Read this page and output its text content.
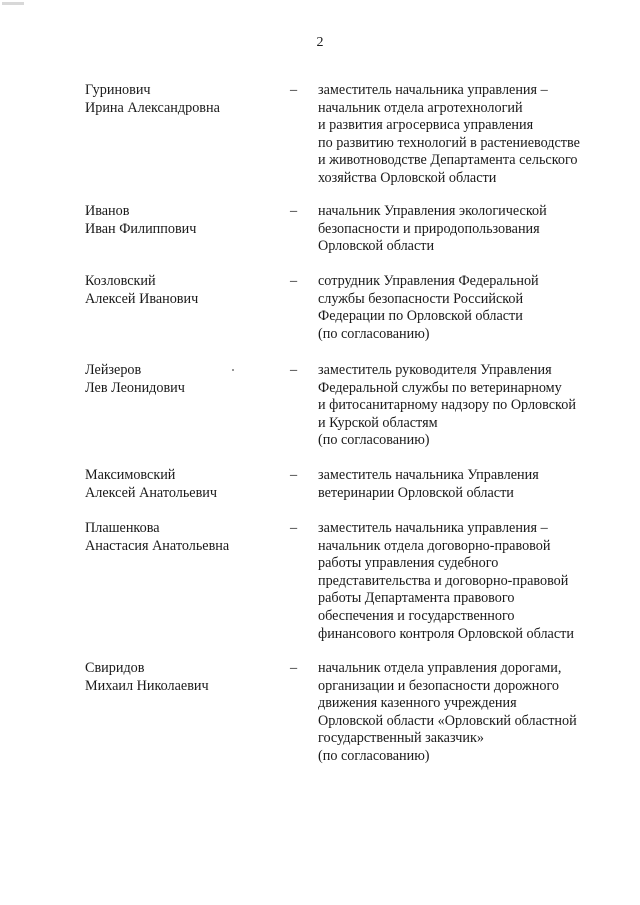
2
Гуринович
Ирина Александровна
–	заместитель начальника управления –
начальник отдела агротехнологий
и развития агросервиса управления
по развитию технологий в растениеводстве
и животноводстве Департамента сельского
хозяйства Орловской области
Иванов
Иван Филиппович
–	начальник Управления экологической
безопасности и природопользования
Орловской области
Козловский
Алексей Иванович
–	сотрудник Управления Федеральной
службы безопасности Российской
Федерации по Орловской области
(по согласованию)
Лейзеров
Лев Леонидович
–	заместитель руководителя Управления
Федеральной службы по ветеринарному
и фитосанитарному надзору по Орловской
и Курской областям
(по согласованию)
Максимовский
Алексей Анатольевич
–	заместитель начальника Управления
ветеринарии Орловской области
Плашенкова
Анастасия Анатольевна
–	заместитель начальника управления –
начальник отдела договорно-правовой
работы управления судебного
представительства и договорно-правовой
работы Департамента правового
обеспечения и государственного
финансового контроля Орловской области
Свиридов
Михаил Николаевич
–	начальник отдела управления дорогами,
организации и безопасности дорожного
движения казенного учреждения
Орловской области «Орловский областной
государственный заказчик»
(по согласованию)
